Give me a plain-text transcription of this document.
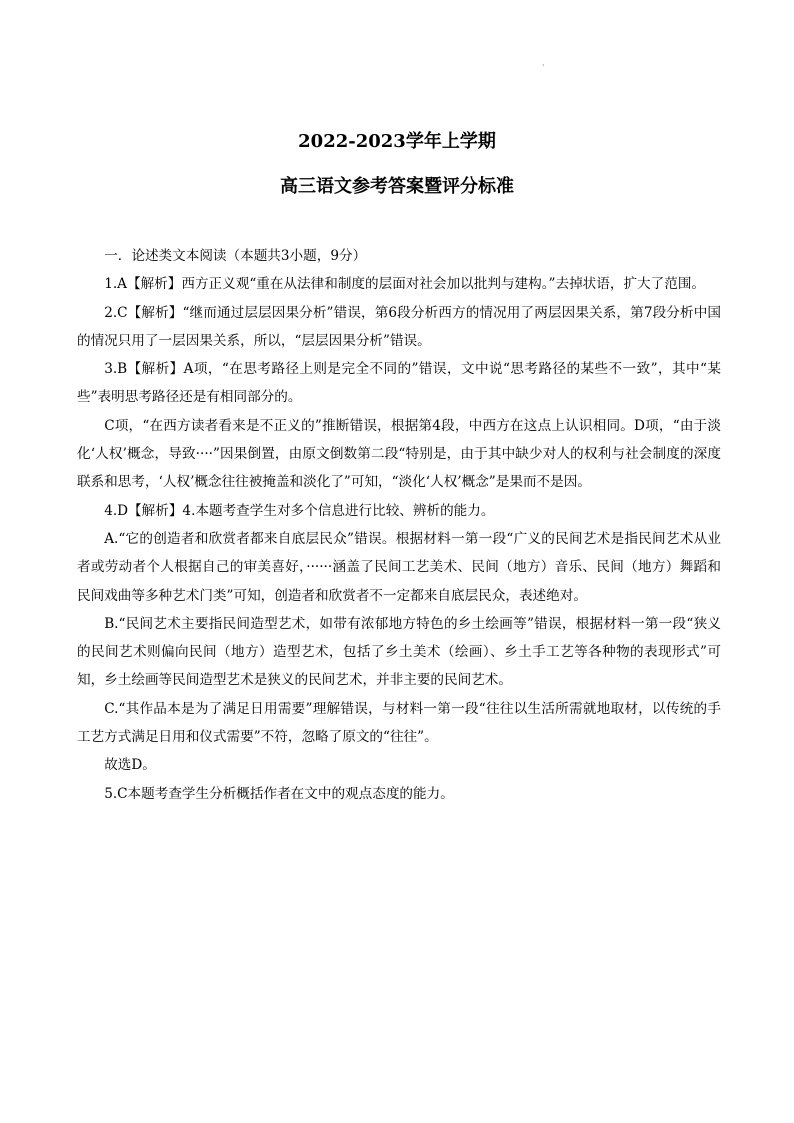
·
2022-2023学年上学期
高三语文参考答案暨评分标准

一．论述类文本阅读（本题共3小题，9分）

1.A【解析】西方正义观“重在从法律和制度的层面对社会加以批判与建构。”去掉状语，扩大了范围。

2.C【解析】“继而通过层层因果分析”错误，第6段分析西方的情况用了两层因果关系，第7段分析中国的情况只用了一层因果关系，所以，“层层因果分析”错误。

3.B【解析】A项，“在思考路径上则是完全不同的”错误，文中说“思考路径的某些不一致”，其中“某些”表明思考路径还是有相同部分的。

C项，“在西方读者看来是不正义的”推断错误，根据第4段，中西方在这点上认识相同。D项，“由于淡化‘人权’概念，导致····”因果倒置，由原文倒数第二段“特别是，由于其中缺少对人的权利与社会制度的深度联系和思考，‘人权’概念往往被掩盖和淡化了”可知，“淡化‘人权’概念”是果而不是因。

4.D【解析】4.本题考查学生对多个信息进行比较、辨析的能力。

A.“它的创造者和欣赏者都来自底层民众”错误。根据材料一第一段“广义的民间艺术是指民间艺术从业者或劳动者个人根据自己的审美喜好，······涵盖了民间工艺美术、民间（地方）音乐、民间（地方）舞蹈和民间戏曲等多种艺术门类”可知，创造者和欣赏者不一定都来自底层民众，表述绝对。

B.“民间艺术主要指民间造型艺术，如带有浓郁地方特色的乡土绘画等”错误，根据材料一第一段“狭义的民间艺术则偏向民间（地方）造型艺术，包括了乡土美术（绘画）、乡土手工艺等各种物的表现形式”可知，乡土绘画等民间造型艺术是狭义的民间艺术，并非主要的民间艺术。

C.“其作品本是为了满足日用需要”理解错误，与材料一第一段“往往以生活所需就地取材，以传统的手工艺方式满足日用和仪式需要”不符，忽略了原文的“往往”。

故选D。

5.C本题考查学生分析概括作者在文中的观点态度的能力。
